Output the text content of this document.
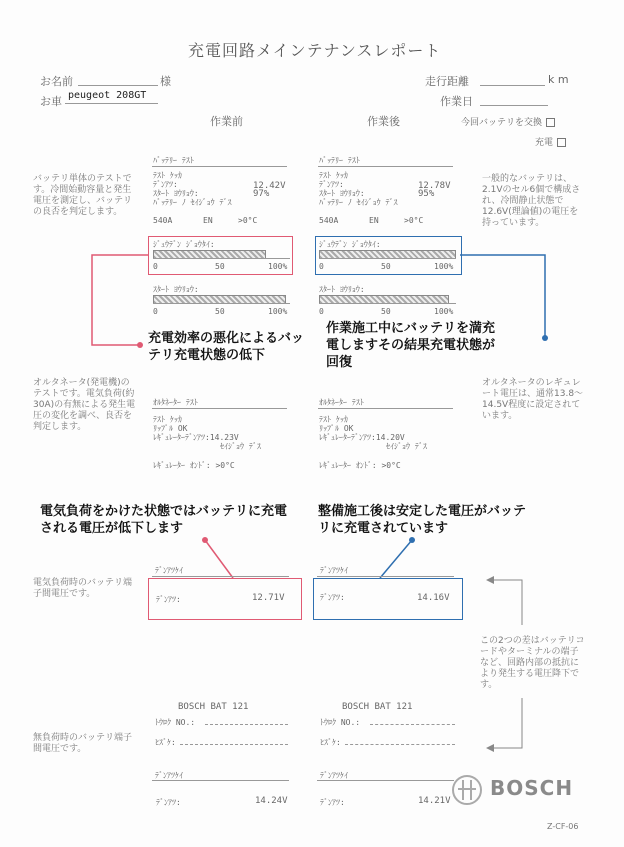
充電回路メインテナンスレポート
お名前	様
お車 peugeot 208GT
走行距離	k m
作業日
作業前	作業後	今回バッテリを交換
充電
バッテリ単体のテストです。冷間始動容量と発生電圧を測定し、バッテリの良否を判定します。
一般的なバッテリは、2.1Vのセル6個で構成され、冷間静止状態で12.6V(理論値)の電圧を持っています。
オルタネータ(発電機)のテストです。電気負荷(約30A)の有無による発生電圧の変化を調べ、良否を判定します。
オルタネータのレギュレート電圧は、通常13.8～14.5V程度に設定されています。
電気負荷時のバッテリ端子間電圧です。
無負荷時のバッテリ端子間電圧です。
この2つの差はバッテリコードやターミナルの端子など、回路内部の抵抗により発生する電圧降下です。
ﾊﾞｯﾃﾘｰ ﾃｽﾄ
ﾃｽﾄ ｹｯｶ
ﾃﾞﾝｱﾂ:	12.42V
ｽﾀｰﾄ ﾖｳﾘｮｳ:	97%
ﾊﾞｯﾃﾘｰ ﾉ ｾｲｼﾞｮｳ ﾃﾞｽ
540A	EN	>0°C
ｼﾞｭｳﾃﾞﾝ ｼﾞｮｳﾀｲ:
0	50	100%
ｽﾀｰﾄ ﾖｳﾘｮｳ:
0	50	100%
ﾊﾞｯﾃﾘｰ ﾃｽﾄ
ﾃｽﾄ ｹｯｶ
ﾃﾞﾝｱﾂ:	12.78V
ｽﾀｰﾄ ﾖｳﾘｮｳ:	95%
ﾊﾞｯﾃﾘｰ ﾉ ｾｲｼﾞｮｳ ﾃﾞｽ
540A	EN	>0°C
ｼﾞｭｳﾃﾞﾝ ｼﾞｮｳﾀｲ:
0	50	100%
ｽﾀｰﾄ ﾖｳﾘｮｳ:
0	50	100%
充電効率の悪化によるバッテリ充電状態の低下
作業施工中にバッテリを満充電しますその結果充電状態が回復
電気負荷をかけた状態ではバッテリに充電される電圧が低下します
整備施工後は安定した電圧がバッテリに充電されています
ｵﾙﾀﾈｰﾀｰ ﾃｽﾄ
ﾃｽﾄ ｹｯｶ
ﾘｯﾌﾟﾙ OK
ﾚｷﾞｭﾚｰﾀｰﾃﾞﾝｱﾂ:14.23V
ｾｲｼﾞｮｳ ﾃﾞｽ
ﾚｷﾞｭﾚｰﾀｰ ｵﾝﾄﾞ: >0°C
ｵﾙﾀﾈｰﾀｰ ﾃｽﾄ
ﾃｽﾄ ｹｯｶ
ﾘｯﾌﾟﾙ OK
ﾚｷﾞｭﾚｰﾀｰﾃﾞﾝｱﾂ:14.20V
ｾｲｼﾞｮｳ ﾃﾞｽ
ﾚｷﾞｭﾚｰﾀｰ ｵﾝﾄﾞ: >0°C
ﾃﾞﾝｱﾂｹｲ
ﾃﾞﾝｱﾂ:	12.71V
ﾃﾞﾝｱﾂｹｲ
ﾃﾞﾝｱﾂ:	14.16V
BOSCH BAT 121
ﾄｳﾛｸ NO.:
ﾋｽﾞｹ:
BOSCH BAT 121
ﾄｳﾛｸ NO.:
ﾋｽﾞｹ:
ﾃﾞﾝｱﾂｹｲ
ﾃﾞﾝｱﾂ:	14.24V
ﾃﾞﾝｱﾂｹｲ
ﾃﾞﾝｱﾂ:	14.21V
BOSCH
Z-CF-06
